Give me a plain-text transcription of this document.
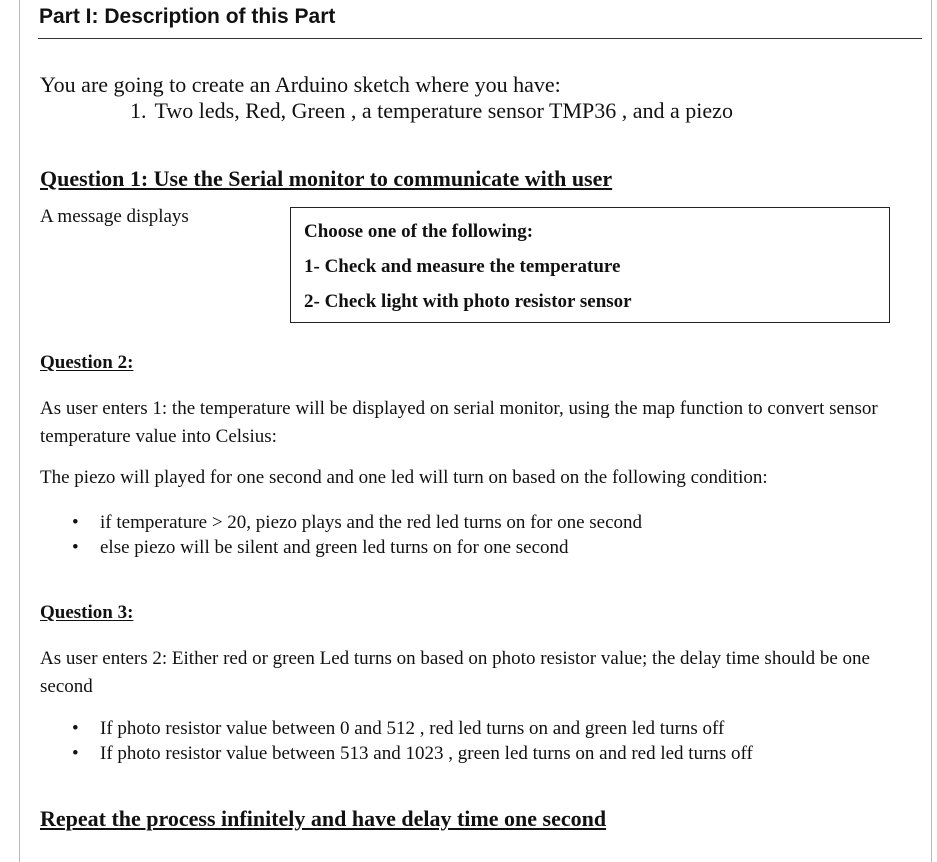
Part I: Description of this Part
You are going to create an Arduino sketch where you have:
1. Two leds, Red, Green , a temperature sensor TMP36 , and a piezo
Question 1: Use the Serial monitor to communicate with user
A message displays
Choose one of the following:
1- Check and measure the temperature
2- Check light with photo resistor sensor
Question 2:
As user enters 1: the temperature will be displayed on serial monitor, using the map function to convert sensor temperature value into Celsius:
The piezo will played for one second and one led will turn on based on the following condition:
• if temperature > 20, piezo plays and the red led turns on for one second
• else piezo will be silent and green led turns on for one second
Question 3:
As user enters 2: Either red or green Led turns on based on photo resistor value; the delay time should be one second
• If photo resistor value between 0 and 512 , red led turns on and green led turns off
• If photo resistor value between 513 and 1023 , green led turns on and red led turns off
Repeat the process infinitely and have delay time one second
